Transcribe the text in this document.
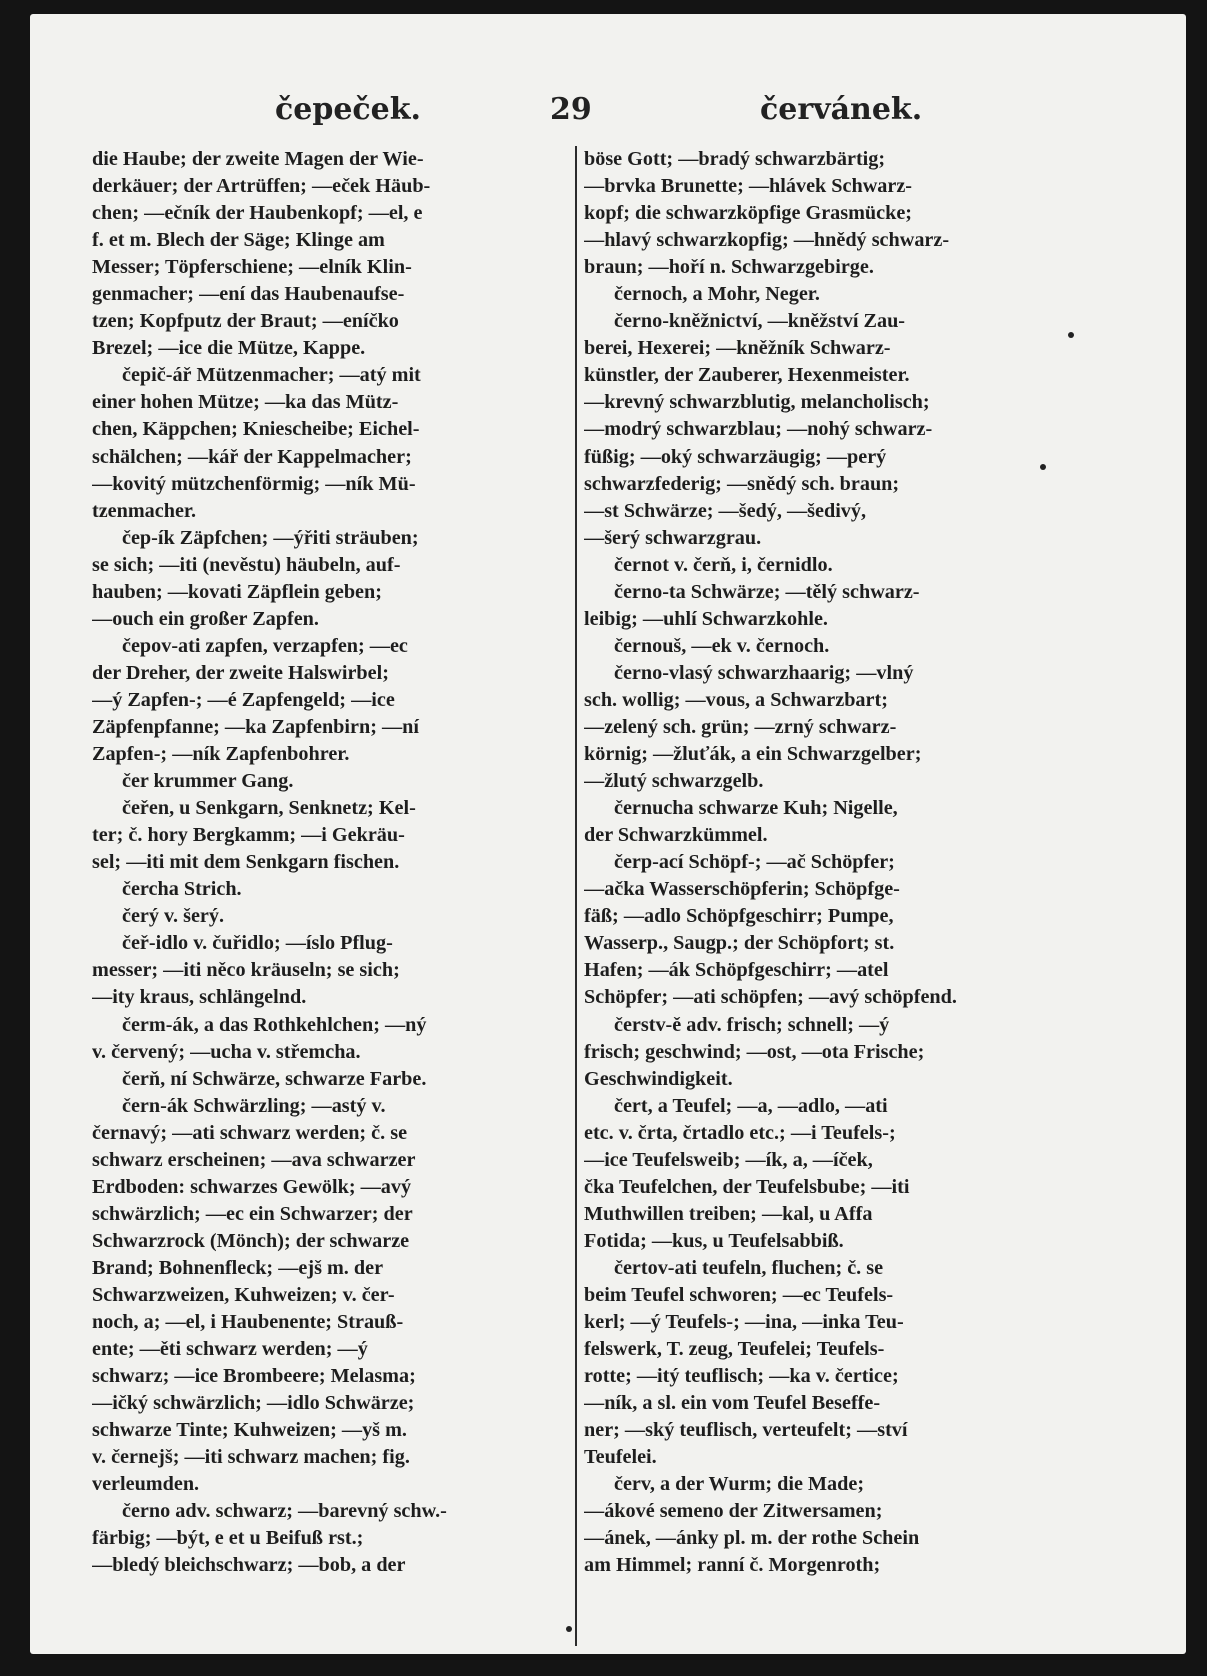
čepeček.	29	červánek.
die Haube; der zweite Magen der Wie-
derkäuer; der Artrüffen; —eček Häub-
chen; —ečník der Haubenkopf; —el, e
f. et m. Blech der Säge; Klinge am
Messer; Töpferschiene; —elník Klin-
genmacher; —ení das Haubenaufse-
tzen; Kopfputz der Braut; —eníčko
Brezel; —ice die Mütze, Kappe.
čepič-ář Mützenmacher; —atý mit
einer hohen Mütze; —ka das Mütz-
chen, Käppchen; Kniescheibe; Eichel-
schälchen; —kář der Kappelmacher;
—kovitý mützchenförmig; —ník Mü-
tzenmacher.
čep-ík Zäpfchen; —ýřiti sträuben;
se sich; —iti (nevěstu) häubeln, auf-
hauben; —kovati Zäpflein geben;
—ouch ein großer Zapfen.
čepov-ati zapfen, verzapfen; —ec
der Dreher, der zweite Halswirbel;
—ý Zapfen-; —é Zapfengeld; —ice
Zäpfenpfanne; —ka Zapfenbirn; —ní
Zapfen-; —ník Zapfenbohrer.
čer krummer Gang.
čeřen, u Senkgarn, Senknetz; Kel-
ter; č. hory Bergkamm; —i Gekräu-
sel; —iti mit dem Senkgarn fischen.
čercha Strich.
čerý v. šerý.
čeř-idlo v. čuřidlo; —íslo Pflug-
messer; —iti něco kräuseln; se sich;
—ity kraus, schlängelnd.
čerm-ák, a das Rothkehlchen; —ný
v. červený; —ucha v. střemcha.
čerň, ní Schwärze, schwarze Farbe.
čern-ák Schwärzling; —astý v.
černavý; —ati schwarz werden; č. se
schwarz erscheinen; —ava schwarzer
Erdboden: schwarzes Gewölk; —avý
schwärzlich; —ec ein Schwarzer; der
Schwarzrock (Mönch); der schwarze
Brand; Bohnenfleck; —ejš m. der
Schwarzweizen, Kuhweizen; v. čer-
noch, a; —el, i Haubenente; Strauß-
ente; —ěti schwarz werden; —ý
schwarz; —ice Brombeere; Melasma;
—ičký schwärzlich; —idlo Schwärze;
schwarze Tinte; Kuhweizen; —yš m.
v. černejš; —iti schwarz machen; fig.
verleumden.
černo adv. schwarz; —barevný schw.-
färbig; —být, e et u Beifuß rst.;
—bledý bleichschwarz; —bob, a der
böse Gott; —bradý schwarzbärtig;
—brvka Brunette; —hlávek Schwarz-
kopf; die schwarzköpfige Grasmücke;
—hlavý schwarzkopfig; —hnědý schwarz-
braun; —hoří n. Schwarzgebirge.
černoch, a Mohr, Neger.
černo-kněžnictví, —kněžství Zau-
berei, Hexerei; —kněžník Schwarz-
künstler, der Zauberer, Hexenmeister.
—krevný schwarzblutig, melancholisch;
—modrý schwarzblau; —nohý schwarz-
füßig; —oký schwarzäugig; —perý
schwarzfederig; —snědý sch. braun;
—st Schwärze; —šedý, —šedivý,
—šerý schwarzgrau.
černot v. čerň, i, černidlo.
černo-ta Schwärze; —tělý schwarz-
leibig; —uhlí Schwarzkohle.
černouš, —ek v. černoch.
černo-vlasý schwarzhaarig; —vlný
sch. wollig; —vous, a Schwarzbart;
—zelený sch. grün; —zrný schwarz-
körnig; —žluťák, a ein Schwarzgelber;
—žlutý schwarzgelb.
černucha schwarze Kuh; Nigelle,
der Schwarzkümmel.
čerp-ací Schöpf-; —ač Schöpfer;
—ačka Wasserschöpferin; Schöpfge-
fäß; —adlo Schöpfgeschirr; Pumpe,
Wasserp., Saugp.; der Schöpfort; st.
Hafen; —ák Schöpfgeschirr; —atel
Schöpfer; —ati schöpfen; —avý schöpfend.
čerstv-ě adv. frisch; schnell; —ý
frisch; geschwind; —ost, —ota Frische;
Geschwindigkeit.
čert, a Teufel; —a, —adlo, —ati
etc. v. črta, črtadlo etc.; —i Teufels-;
—ice Teufelsweib; —ík, a, —íček,
čka Teufelchen, der Teufelsbube; —iti
Muthwillen treiben; —kal, u Affa
Fotida; —kus, u Teufelsabbiß.
čertov-ati teufeln, fluchen; č. se
beim Teufel schworen; —ec Teufels-
kerl; —ý Teufels-; —ina, —inka Teu-
felswerk, T. zeug, Teufelei; Teufels-
rotte; —itý teuflisch; —ka v. čertice;
—ník, a sl. ein vom Teufel Beseffe-
ner; —ský teuflisch, verteufelt; —ství
Teufelei.
červ, a der Wurm; die Made;
—ákové semeno der Zitwersamen;
—ánek, —ánky pl. m. der rothe Schein
am Himmel; ranní č. Morgenroth;
